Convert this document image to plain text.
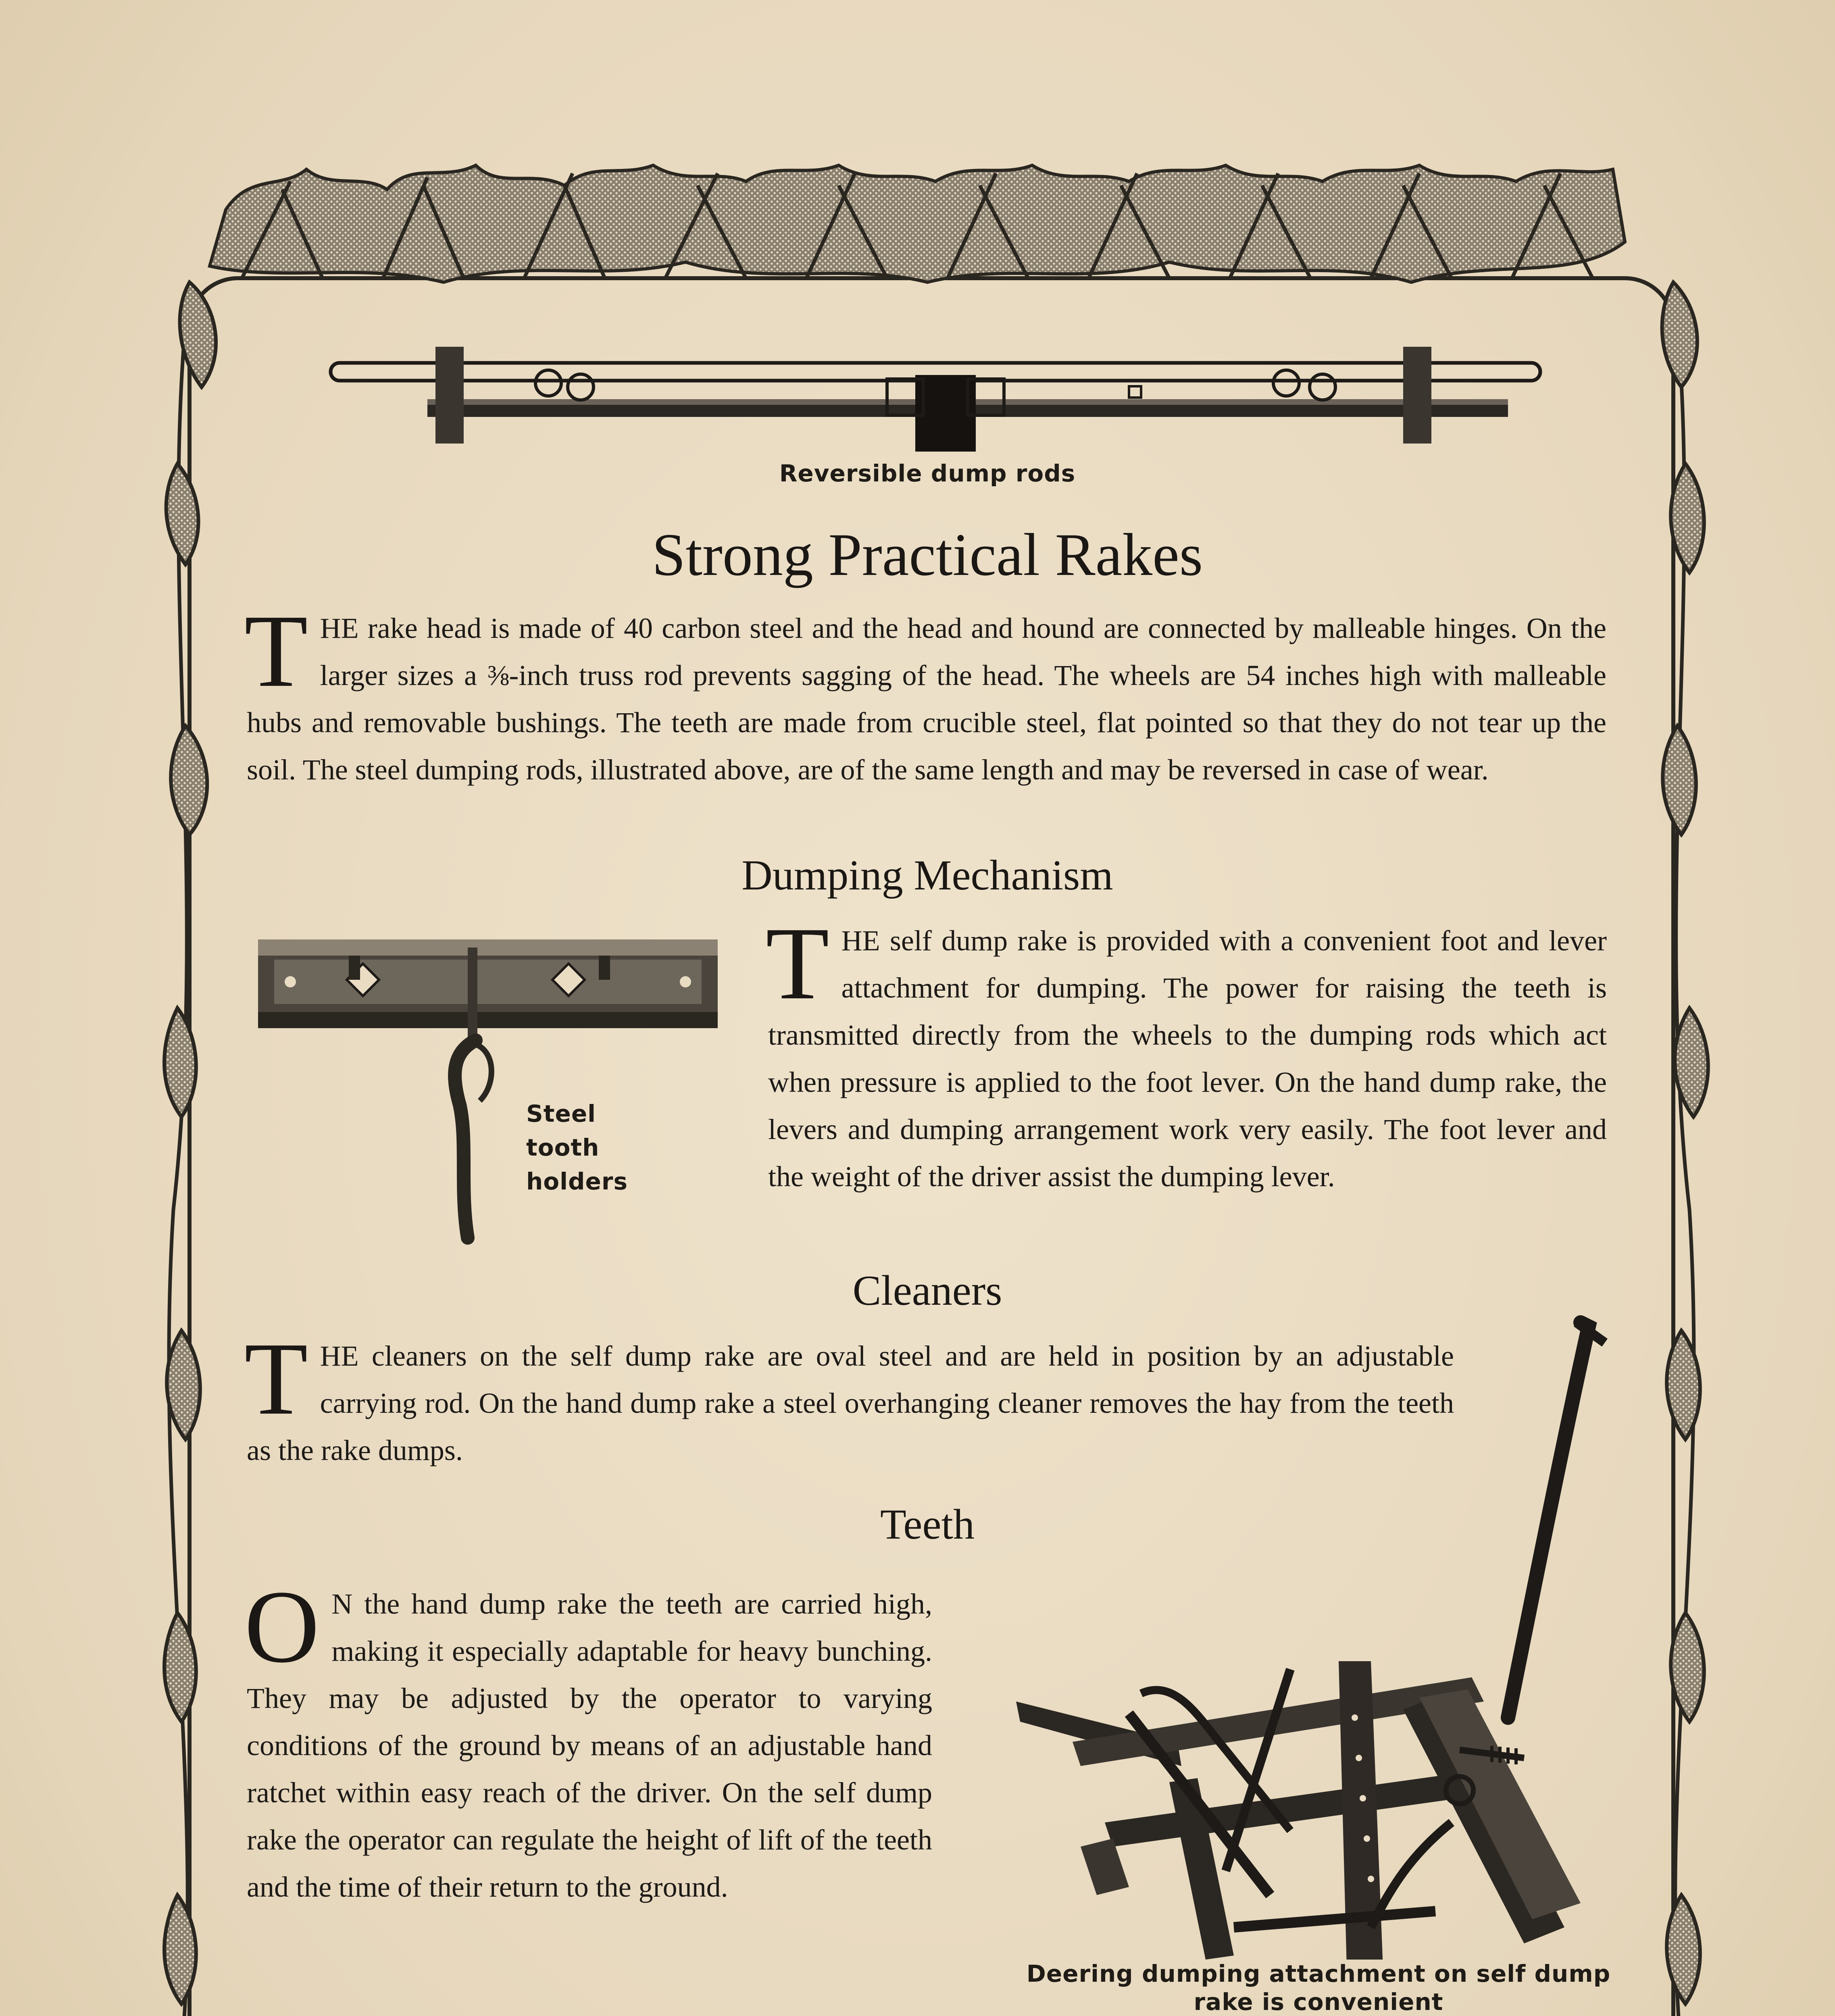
Reversible dump rods
Strong Practical Rakes
THE rake head is made of 40 carbon steel and the head and hound are connected by malleable hinges. On the larger sizes a ⅜-inch truss rod prevents sagging of the head. The wheels are 54 inches high with malleable hubs and removable bushings. The teeth are made from crucible steel, flat pointed so that they do not tear up the soil. The steel dumping rods, illustrated above, are of the same length and may be reversed in case of wear.
Dumping Mechanism
Steel
tooth
holders
THE self dump rake is provided with a convenient foot and lever attachment for dumping. The power for raising the teeth is transmitted directly from the wheels to the dumping rods which act when pressure is applied to the foot lever. On the hand dump rake, the levers and dumping arrangement work very easily. The foot lever and the weight of the driver assist the dumping lever.
Cleaners
THE cleaners on the self dump rake are oval steel and are held in position by an adjustable carrying rod. On the hand dump rake a steel overhanging cleaner removes the hay from the teeth as the rake dumps.
Teeth
O N the hand dump rake the teeth are carried high, making it especially adaptable for heavy bunching. They may be adjusted by the operator to varying conditions of the ground by means of an adjustable hand ratchet within easy reach of the driver. On the self dump rake the operator can regulate the height of lift of the teeth and the time of their return to the ground.
Deering dumping attachment on self dump
rake is convenient
